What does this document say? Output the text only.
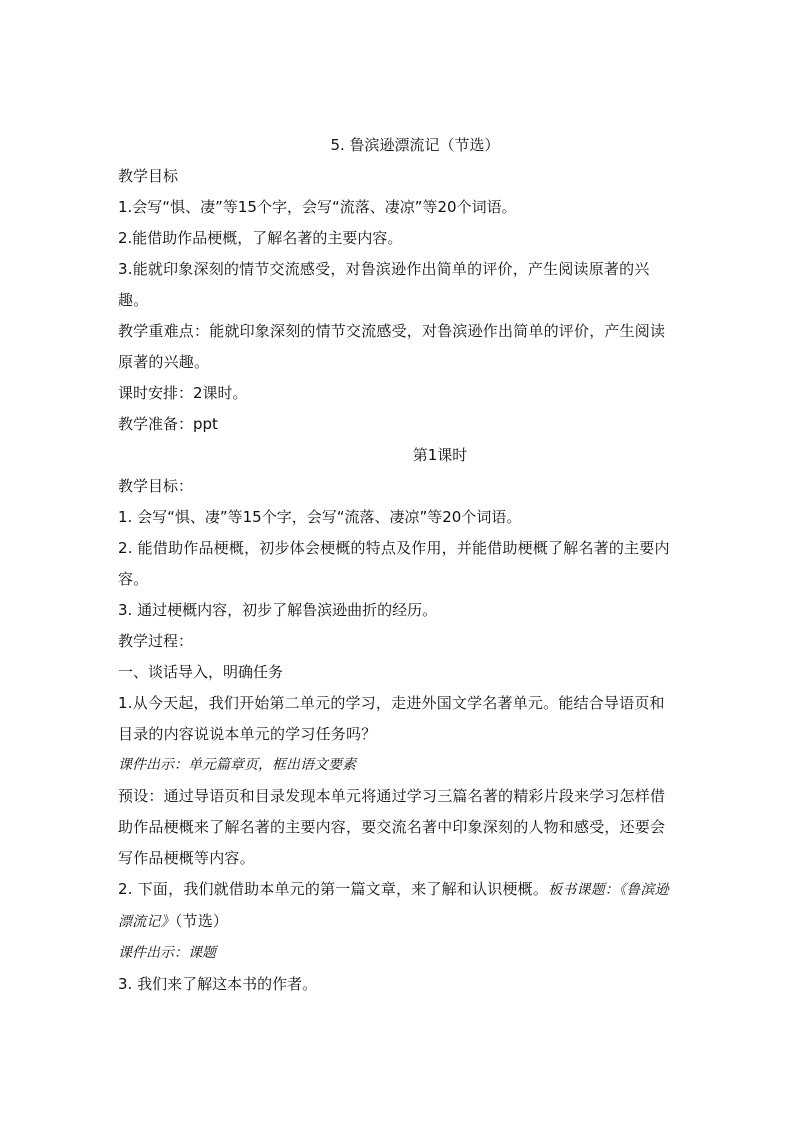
5. 鲁滨逊漂流记（节选）

教学目标

1.会写“惧、凄”等15个字，会写“流落、凄凉”等20个词语。

2.能借助作品梗概，了解名著的主要内容。

3.能就印象深刻的情节交流感受，对鲁滨逊作出简单的评价，产生阅读原著的兴趣。

教学重难点：能就印象深刻的情节交流感受，对鲁滨逊作出简单的评价，产生阅读原著的兴趣。

课时安排：2课时。

教学准备：ppt

第1课时

教学目标：

1. 会写“惧、凄”等15个字，会写“流落、凄凉”等20个词语。

2. 能借助作品梗概，初步体会梗概的特点及作用，并能借助梗概了解名著的主要内容。

3. 通过梗概内容，初步了解鲁滨逊曲折的经历。

教学过程：

一、谈话导入，明确任务

1.从今天起，我们开始第二单元的学习，走进外国文学名著单元。能结合导语页和目录的内容说说本单元的学习任务吗？

课件出示：单元篇章页，框出语文要素

预设：通过导语页和目录发现本单元将通过学习三篇名著的精彩片段来学习怎样借助作品梗概来了解名著的主要内容，要交流名著中印象深刻的人物和感受，还要会写作品梗概等内容。

2. 下面，我们就借助本单元的第一篇文章，来了解和认识梗概。板书课题：《鲁滨逊漂流记》（节选）

课件出示：课题

3. 我们来了解这本书的作者。
